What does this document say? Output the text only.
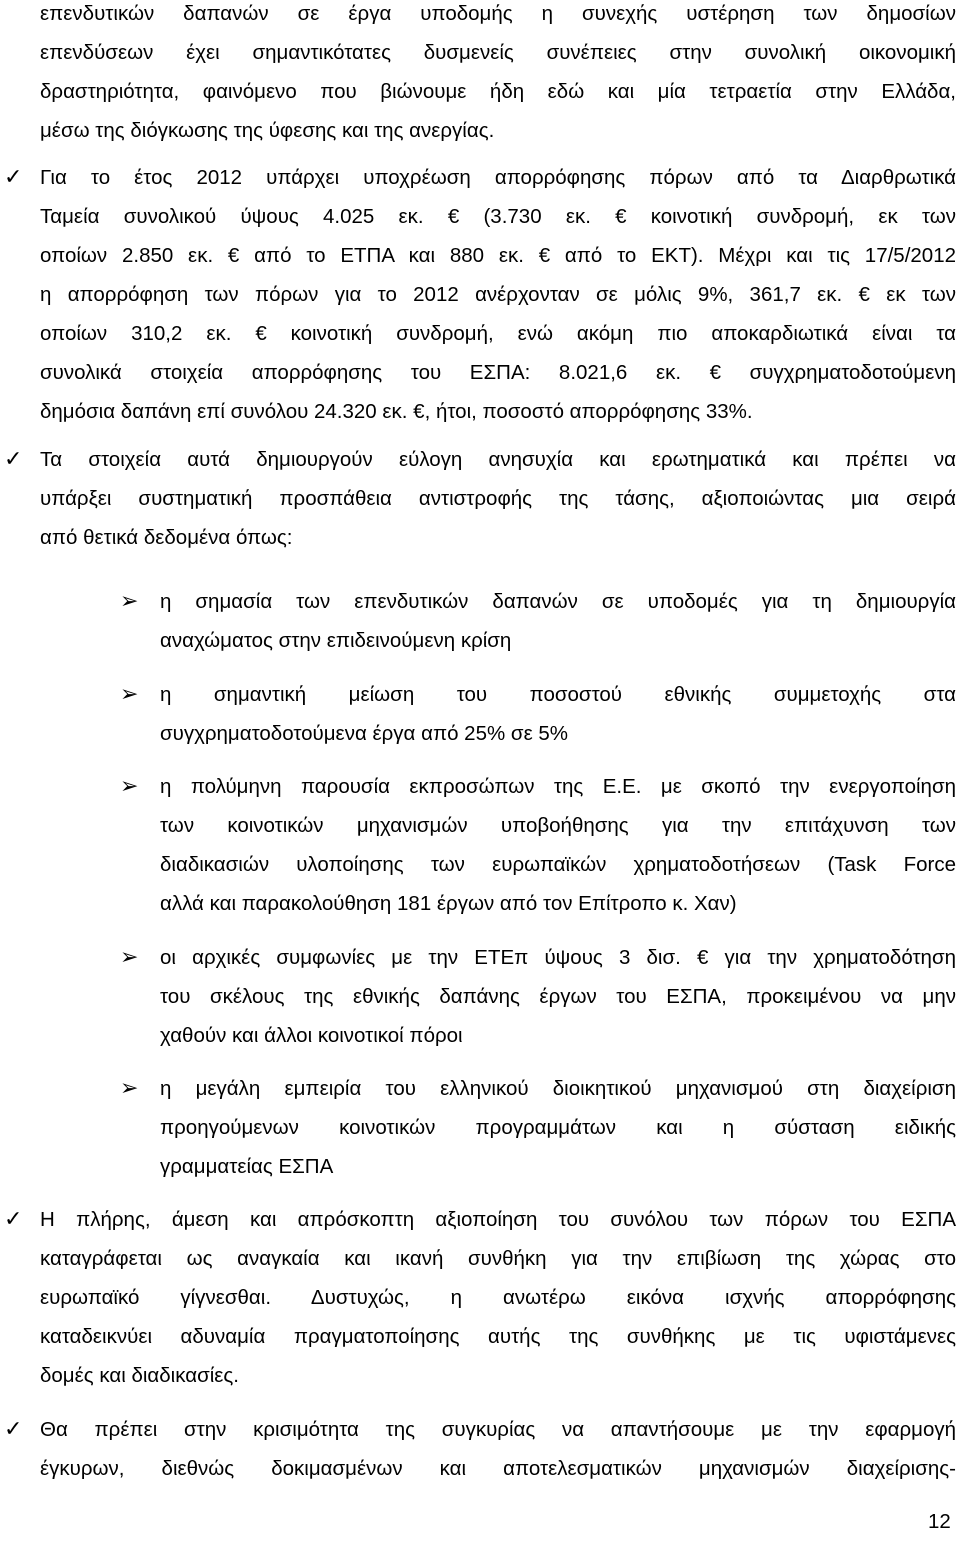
επενδυτικών δαπανών σε έργα υποδομής η συνεχής υστέρηση των δημοσίων
επενδύσεων έχει σημαντικότατες δυσμενείς συνέπειες στην συνολική οικονομική
δραστηριότητα, φαινόμενο που βιώνουμε ήδη εδώ και μία τετραετία στην Ελλάδα,
μέσω της διόγκωσης της ύφεσης και της ανεργίας.
✓ Για το έτος 2012 υπάρχει υποχρέωση απορρόφησης πόρων από τα Διαρθρωτικά
Ταμεία συνολικού ύψους 4.025 εκ. € (3.730 εκ. € κοινοτική συνδρομή, εκ των
οποίων 2.850 εκ. € από το ΕΤΠΑ και 880 εκ. € από το ΕΚΤ). Μέχρι και τις 17/5/2012
η απορρόφηση των πόρων για το 2012 ανέρχονταν σε μόλις 9%, 361,7 εκ. € εκ των
οποίων 310,2 εκ. € κοινοτική συνδρομή, ενώ ακόμη πιο αποκαρδιωτικά είναι τα
συνολικά στοιχεία απορρόφησης του ΕΣΠΑ: 8.021,6 εκ. € συγχρηματοδοτούμενη
δημόσια δαπάνη επί συνόλου 24.320 εκ. €, ήτοι, ποσοστό απορρόφησης 33%.
✓ Τα στοιχεία αυτά δημιουργούν εύλογη ανησυχία και ερωτηματικά και πρέπει να
υπάρξει συστηματική προσπάθεια αντιστροφής της τάσης, αξιοποιώντας μια σειρά
από θετικά δεδομένα όπως:
➢ η σημασία των επενδυτικών δαπανών σε υποδομές για τη δημιουργία
αναχώματος στην επιδεινούμενη κρίση
➢ η σημαντική μείωση του ποσοστού εθνικής συμμετοχής στα
συγχρηματοδοτούμενα έργα από 25% σε 5%
➢ η πολύμηνη παρουσία εκπροσώπων της Ε.Ε. με σκοπό την ενεργοποίηση
των κοινοτικών μηχανισμών υποβοήθησης για την επιτάχυνση των
διαδικασιών υλοποίησης των ευρωπαϊκών χρηματοδοτήσεων (Task Force
αλλά και παρακολούθηση 181 έργων από τον Επίτροπο κ. Χαν)
➢ οι αρχικές συμφωνίες με την ΕΤΕπ ύψους 3 δισ. € για την χρηματοδότηση
του σκέλους της εθνικής δαπάνης έργων του ΕΣΠΑ, προκειμένου να μην
χαθούν και άλλοι κοινοτικοί πόροι
➢ η μεγάλη εμπειρία του ελληνικού διοικητικού μηχανισμού στη διαχείριση
προηγούμενων κοινοτικών προγραμμάτων και η σύσταση ειδικής
γραμματείας ΕΣΠΑ
✓ Η πλήρης, άμεση και απρόσκοπτη αξιοποίηση του συνόλου των πόρων του ΕΣΠΑ
καταγράφεται ως αναγκαία και ικανή συνθήκη για την επιβίωση της χώρας στο
ευρωπαϊκό γίγνεσθαι. Δυστυχώς, η ανωτέρω εικόνα ισχνής απορρόφησης
καταδεικνύει αδυναμία πραγματοποίησης αυτής της συνθήκης με τις υφιστάμενες
δομές και διαδικασίες.
✓ Θα πρέπει στην κρισιμότητα της συγκυρίας να απαντήσουμε με την εφαρμογή
έγκυρων, διεθνώς δοκιμασμένων και αποτελεσματικών μηχανισμών διαχείρισης-
12
